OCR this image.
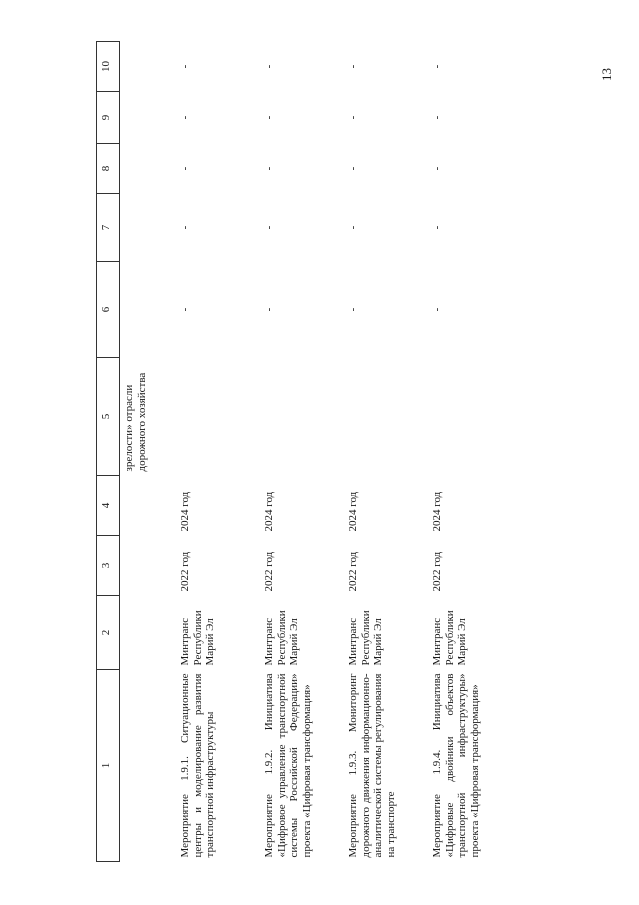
13
1	2	3	4	5	6	7	8	9	10
				зрелости» отрасли дорожного хозяйства					
Мероприятие 1.9.1. Ситуационные центры и моделирование развития транспортной инфраструктуры	Минтранс Республики Марий Эл	2022 год	2024 год		-	-	-	-	-
Мероприятие 1.9.2. Инициатива «Цифровое управление транспортной системы Российской Федерации» проекта «Цифровая трансформация»	Минтранс Республики Марий Эл	2022 год	2024 год		-	-	-	-	-
Мероприятие 1.9.3. Мониторинг дорожного движения информационно-аналитической системы регулирования на транспорте	Минтранс Республики Марий Эл	2022 год	2024 год		-	-	-	-	-
Мероприятие 1.9.4. Инициатива «Цифровые двойники объектов транспортной инфраструктуры» проекта «Цифровая трансформация»	Минтранс Республики Марий Эл	2022 год	2024 год		-	-	-	-	-
